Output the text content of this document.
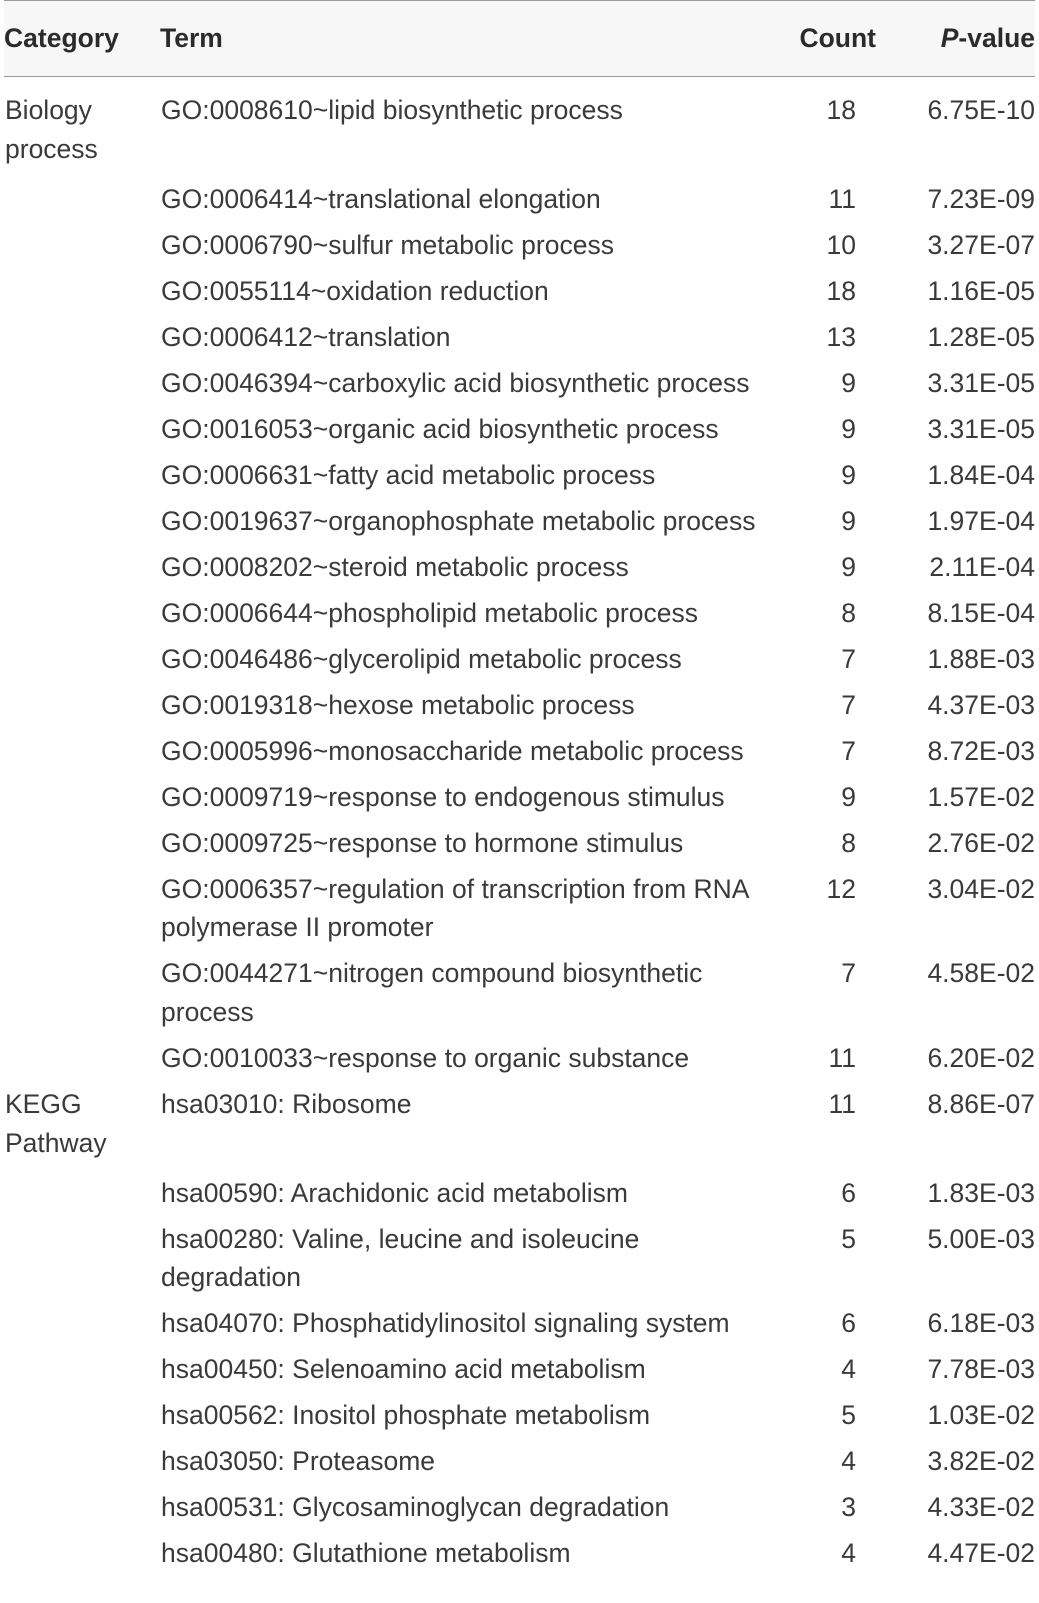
Category	Term	Count	P-value
Biology process	GO:0008610~lipid biosynthetic process	18	6.75E-10
	GO:0006414~translational elongation	11	7.23E-09
	GO:0006790~sulfur metabolic process	10	3.27E-07
	GO:0055114~oxidation reduction	18	1.16E-05
	GO:0006412~translation	13	1.28E-05
	GO:0046394~carboxylic acid biosynthetic process	9	3.31E-05
	GO:0016053~organic acid biosynthetic process	9	3.31E-05
	GO:0006631~fatty acid metabolic process	9	1.84E-04
	GO:0019637~organophosphate metabolic process	9	1.97E-04
	GO:0008202~steroid metabolic process	9	2.11E-04
	GO:0006644~phospholipid metabolic process	8	8.15E-04
	GO:0046486~glycerolipid metabolic process	7	1.88E-03
	GO:0019318~hexose metabolic process	7	4.37E-03
	GO:0005996~monosaccharide metabolic process	7	8.72E-03
	GO:0009719~response to endogenous stimulus	9	1.57E-02
	GO:0009725~response to hormone stimulus	8	2.76E-02
	GO:0006357~regulation of transcription from RNA polymerase II promoter	12	3.04E-02
	GO:0044271~nitrogen compound biosynthetic process	7	4.58E-02
	GO:0010033~response to organic substance	11	6.20E-02
KEGG Pathway	hsa03010: Ribosome	11	8.86E-07
	hsa00590: Arachidonic acid metabolism	6	1.83E-03
	hsa00280: Valine, leucine and isoleucine degradation	5	5.00E-03
	hsa04070: Phosphatidylinositol signaling system	6	6.18E-03
	hsa00450: Selenoamino acid metabolism	4	7.78E-03
	hsa00562: Inositol phosphate metabolism	5	1.03E-02
	hsa03050: Proteasome	4	3.82E-02
	hsa00531: Glycosaminoglycan degradation	3	4.33E-02
	hsa00480: Glutathione metabolism	4	4.47E-02
